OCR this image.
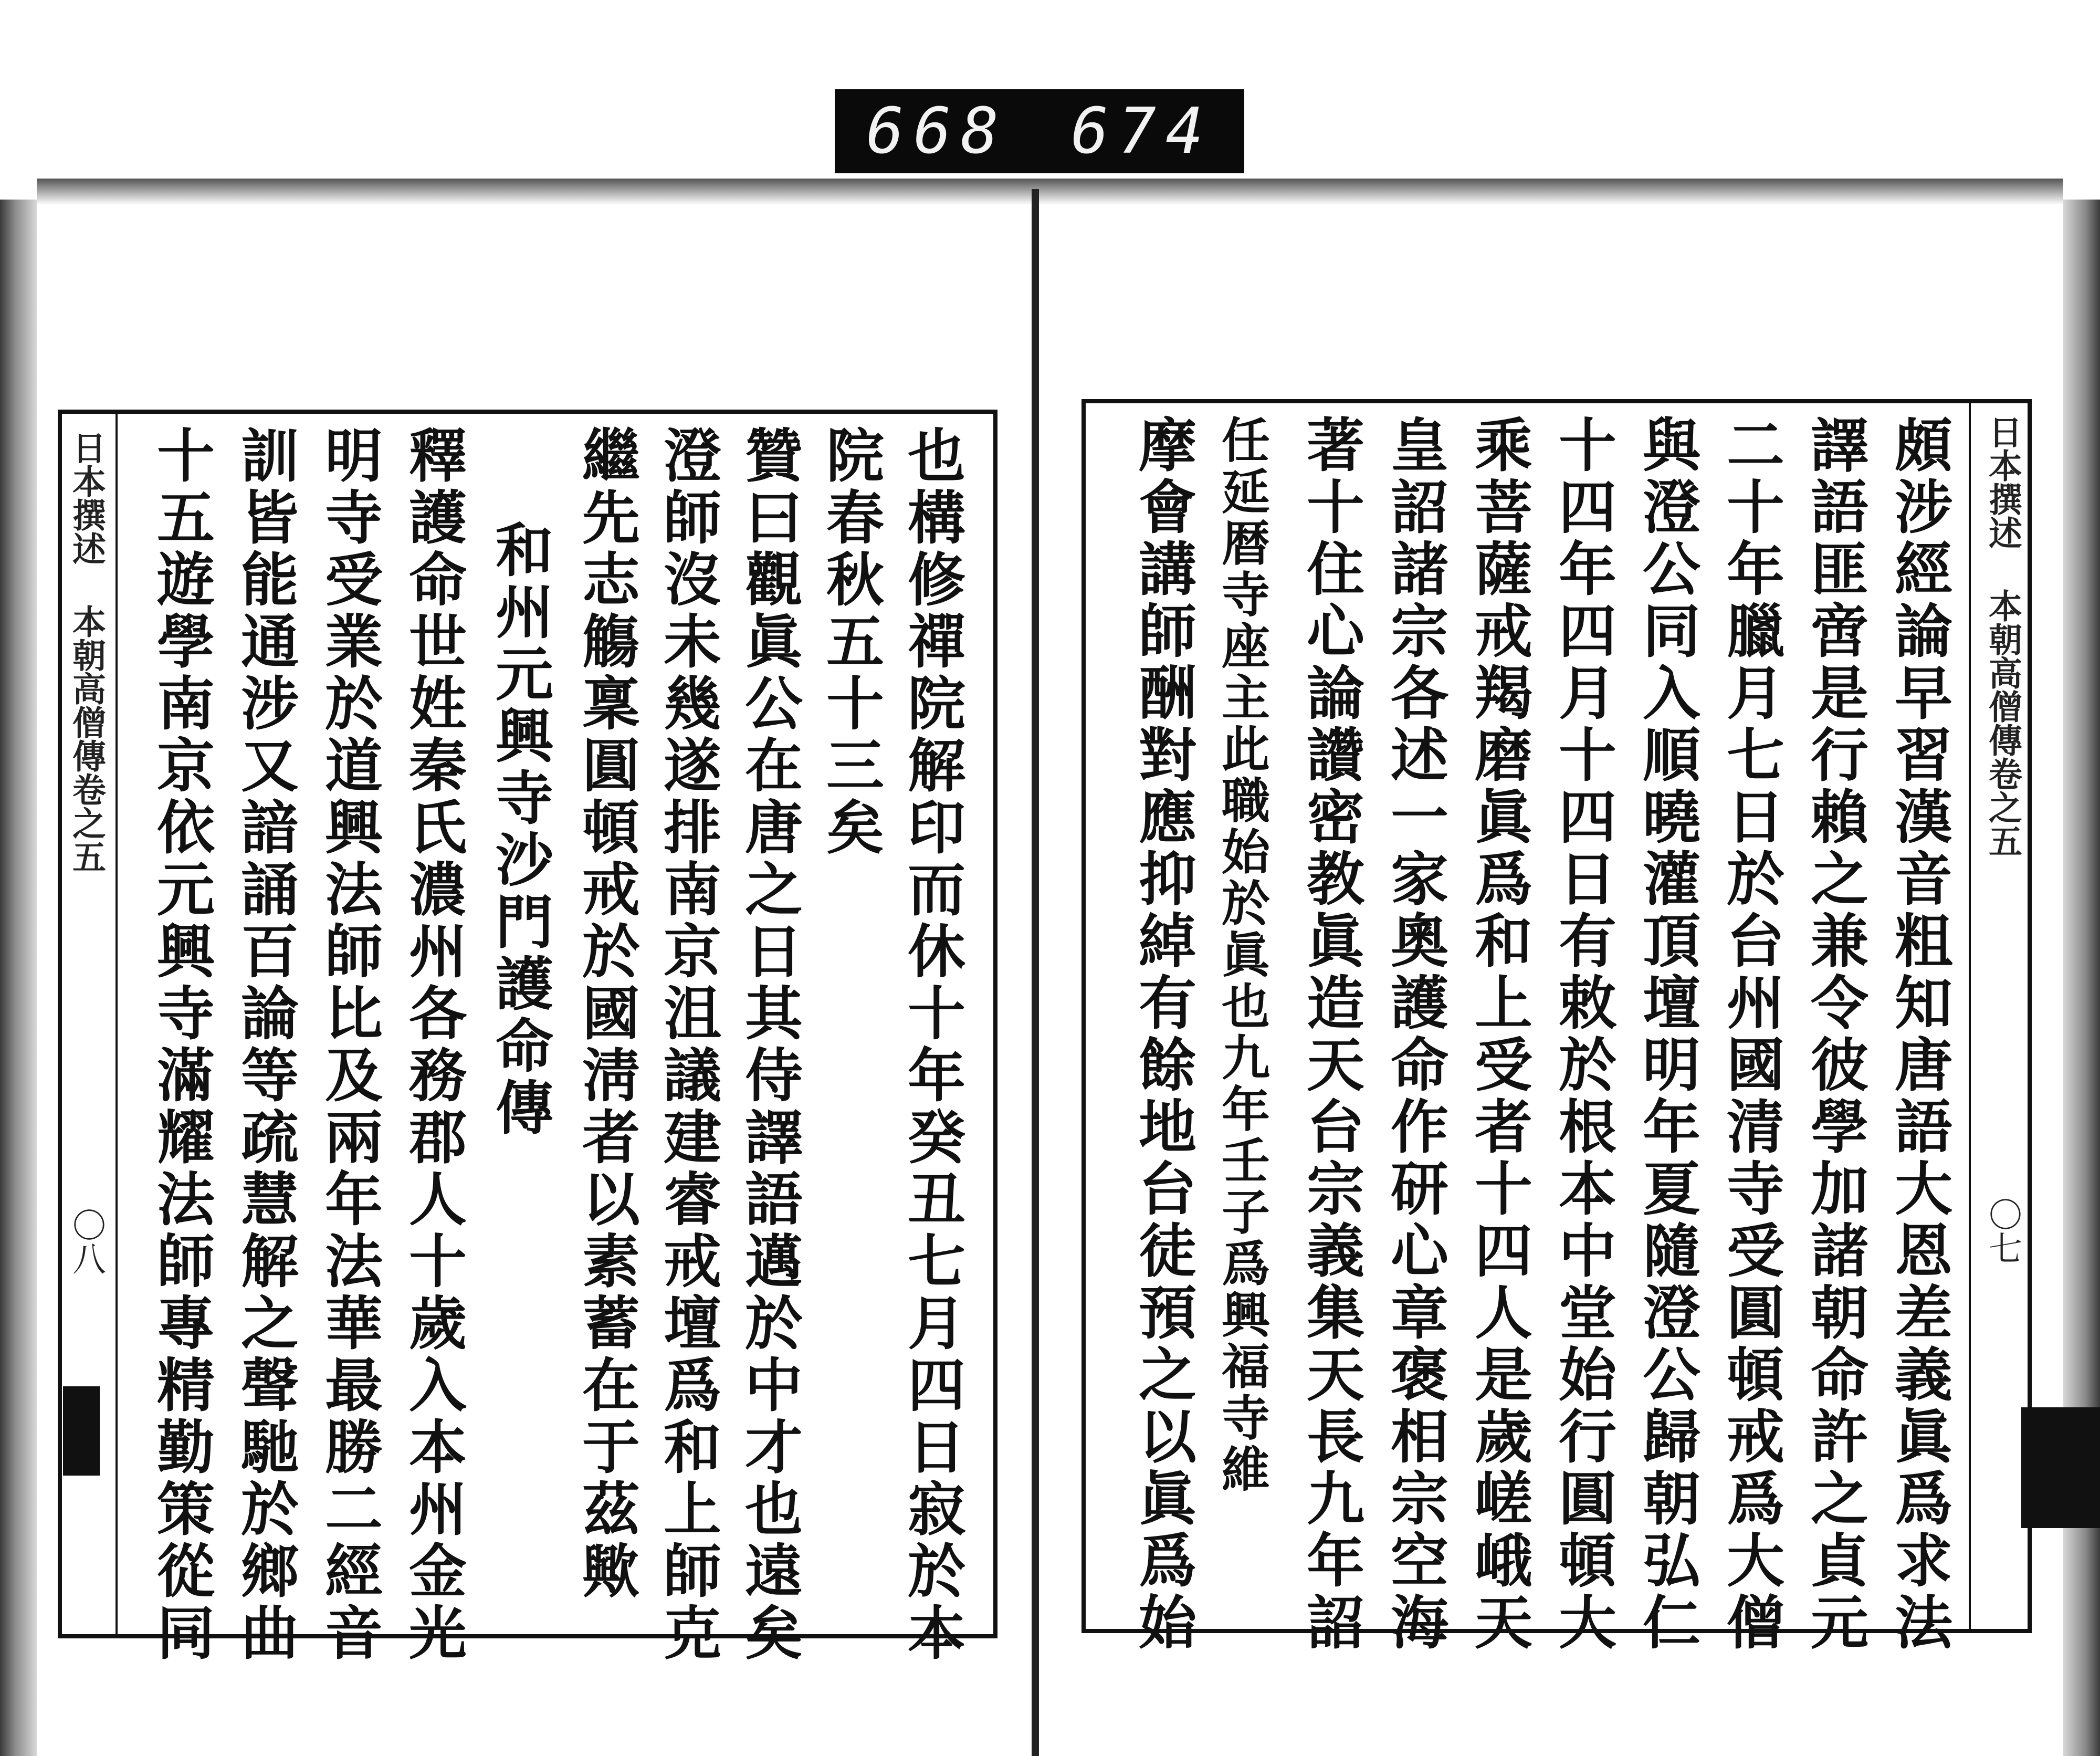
668 674
日本撰述 本朝高僧傳卷之五
〇八	也構修禪院解印而休十年癸丑七月四日寂於本
院春秋五十三矣
贊曰觀眞公在唐之日其侍譯語邁於中才也遠矣
澄師沒未幾遂排南京沮議建睿戒壇爲和上師克
繼先志觴稟圓頓戒於國淸者以素蓄在于茲歟
和州元興寺沙門護命傳
釋護命世姓秦氏濃州各務郡人十歲入本州金光
明寺受業於道興法師比及兩年法華最勝二經音
訓皆能通涉又諳誦百論等疏慧解之聲馳於鄉曲
十五遊學南京依元興寺滿耀法師專精勤策從同	日本撰述 本朝高僧傳卷之五
〇七
頗涉經論早習漢音粗知唐語大恩差義眞爲求法
譯語匪啻是行賴之兼令彼學加諸朝命許之貞元
二十年臘月七日於台州國清寺受圓頓戒爲大僧
與澄公同入順曉灌頂壇明年夏隨澄公歸朝弘仁
十四年四月十四日有敕於根本中堂始行圓頓大
乘菩薩戒羯磨眞爲和上受者十四人是歲嵯峨天
皇詔諸宗各述一家奧護命作研心章褒相宗空海
著十住心論讚密教眞造天台宗義集天長九年詔
任延暦寺座主此職始於眞也九年壬子爲興福寺維
摩會講師酬對應抑綽有餘地台徒預之以眞爲始
